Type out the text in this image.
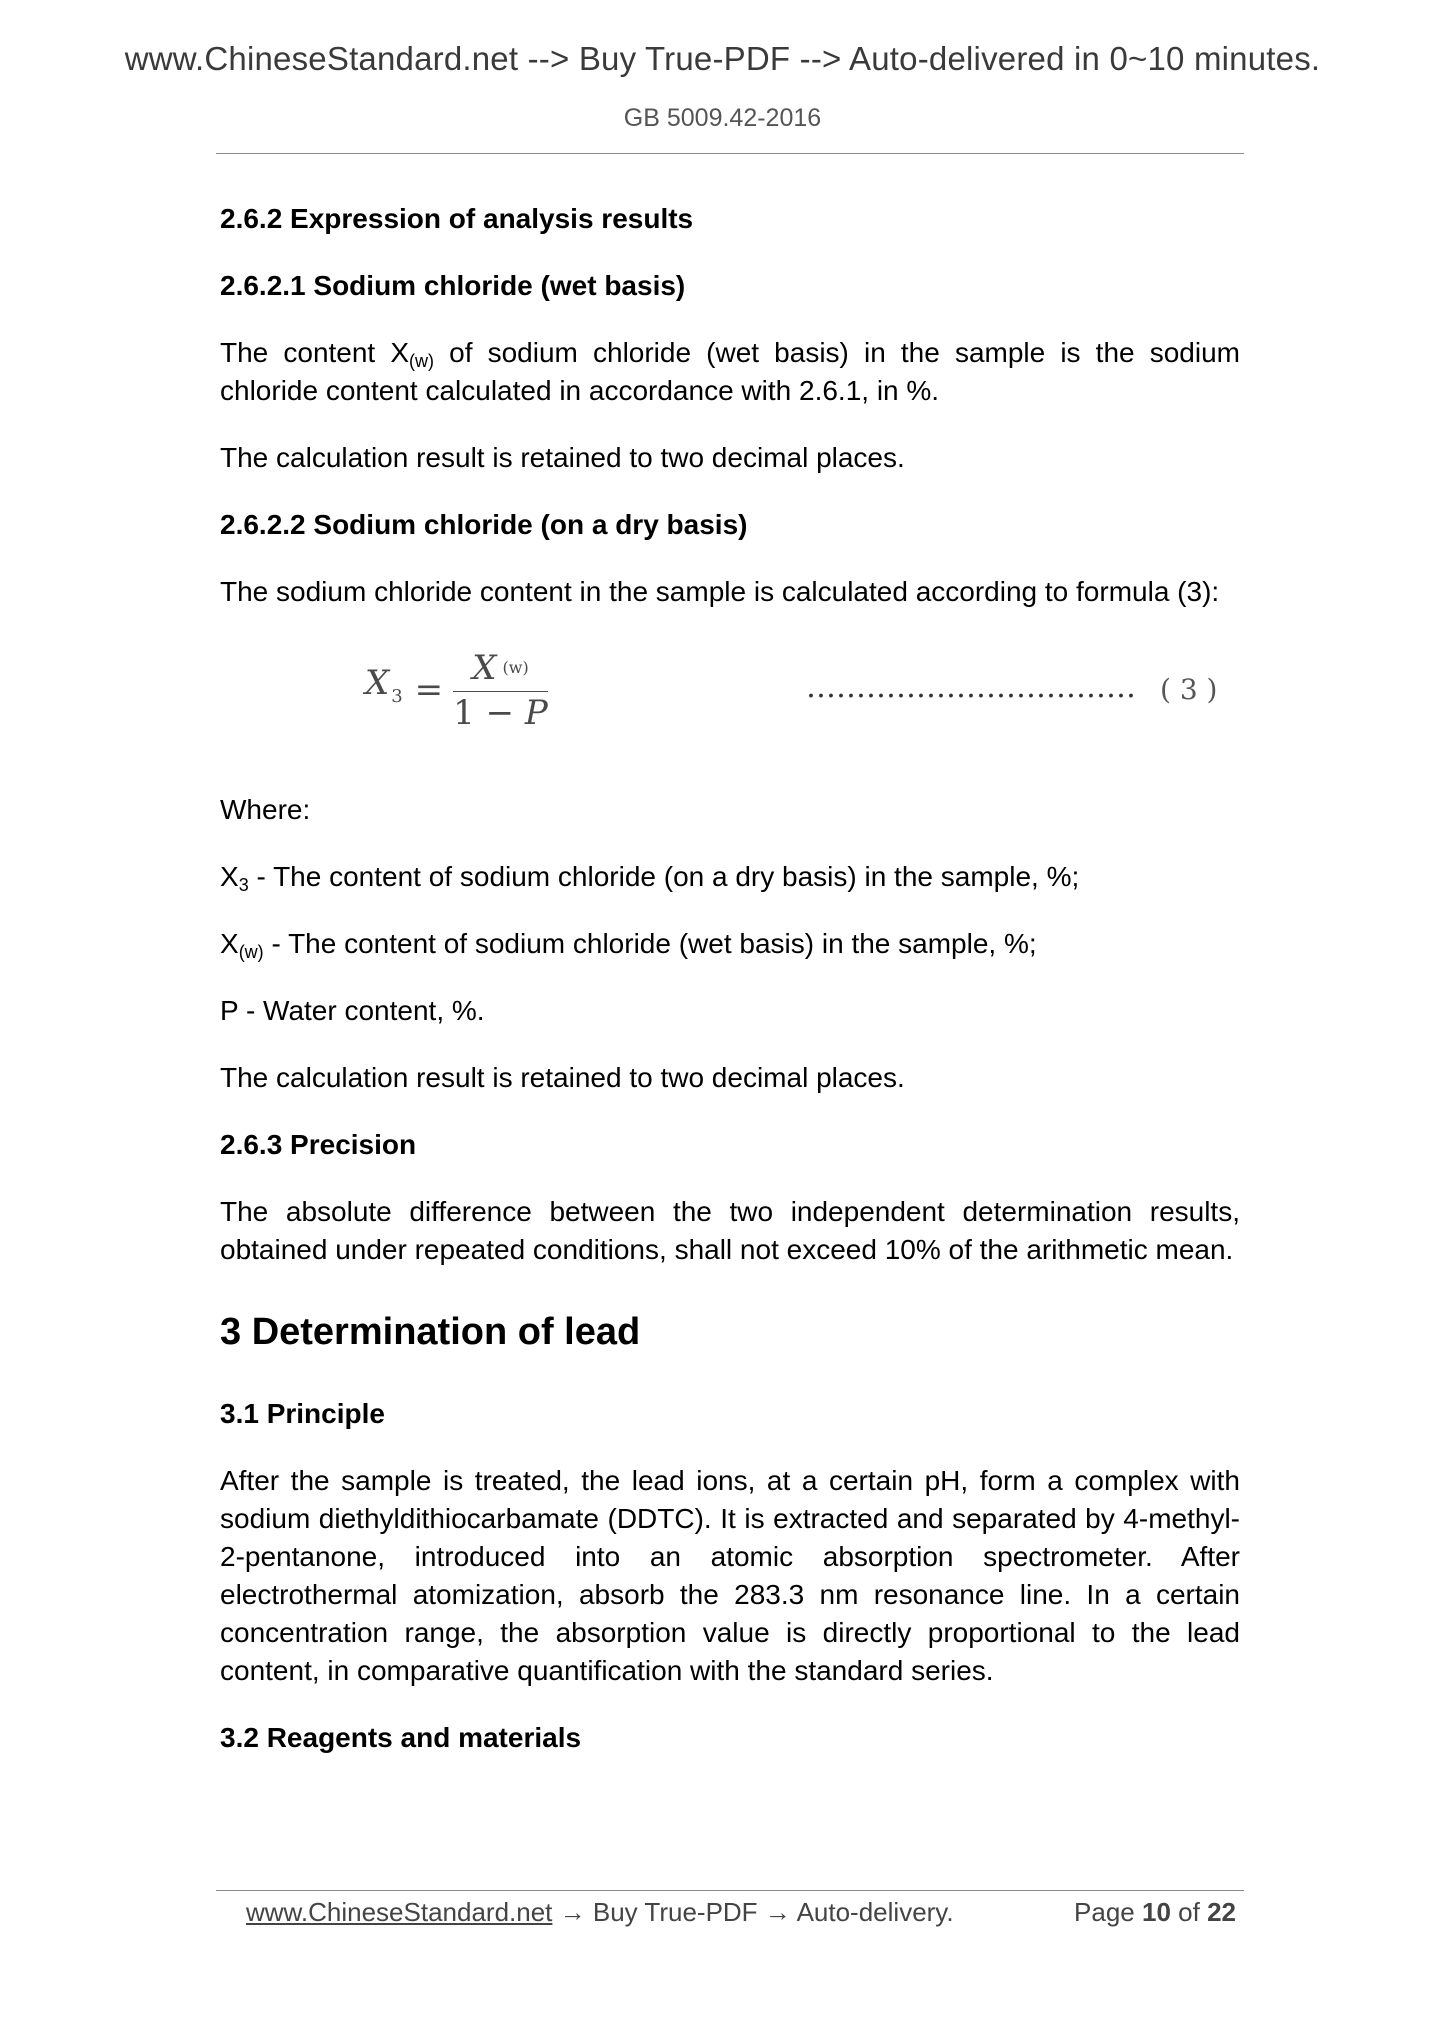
www.ChineseStandard.net --> Buy True-PDF --> Auto-delivered in 0~10 minutes.
GB 5009.42-2016
2.6.2 Expression of analysis results
2.6.2.1 Sodium chloride (wet basis)
The content $X_{(w)}$ of sodium chloride (wet basis) in the sample is the sodium chloride content calculated in accordance with 2.6.1, in %.
The calculation result is retained to two decimal places.
2.6.2.2 Sodium chloride (on a dry basis)
The sodium chloride content in the sample is calculated according to formula (3):
X $_3 = \frac{X (w)}{1 - P}$	…………………………… ( 3 )
Where:
$X_3$ - The content of sodium chloride (on a dry basis) in the sample, %;
$X_{(w)}$ - The content of sodium chloride (wet basis) in the sample, %;
P - Water content, %.
The calculation result is retained to two decimal places.
2.6.3 Precision
The absolute difference between the two independent determination results, obtained under repeated conditions, shall not exceed 10% of the arithmetic mean.
3 Determination of lead
3.1 Principle
After the sample is treated, the lead ions, at a certain pH, form a complex with sodium diethyldithiocarbamate (DDTC). It is extracted and separated by 4-methyl-2-pentanone, introduced into an atomic absorption spectrometer. After electrothermal atomization, absorb the 283.3 nm resonance line. In a certain concentration range, the absorption value is directly proportional to the lead content, in comparative quantification with the standard series.
3.2 Reagents and materials
www.ChineseStandard.net → Buy True-PDF → Auto-delivery.	Page 10 of 22
